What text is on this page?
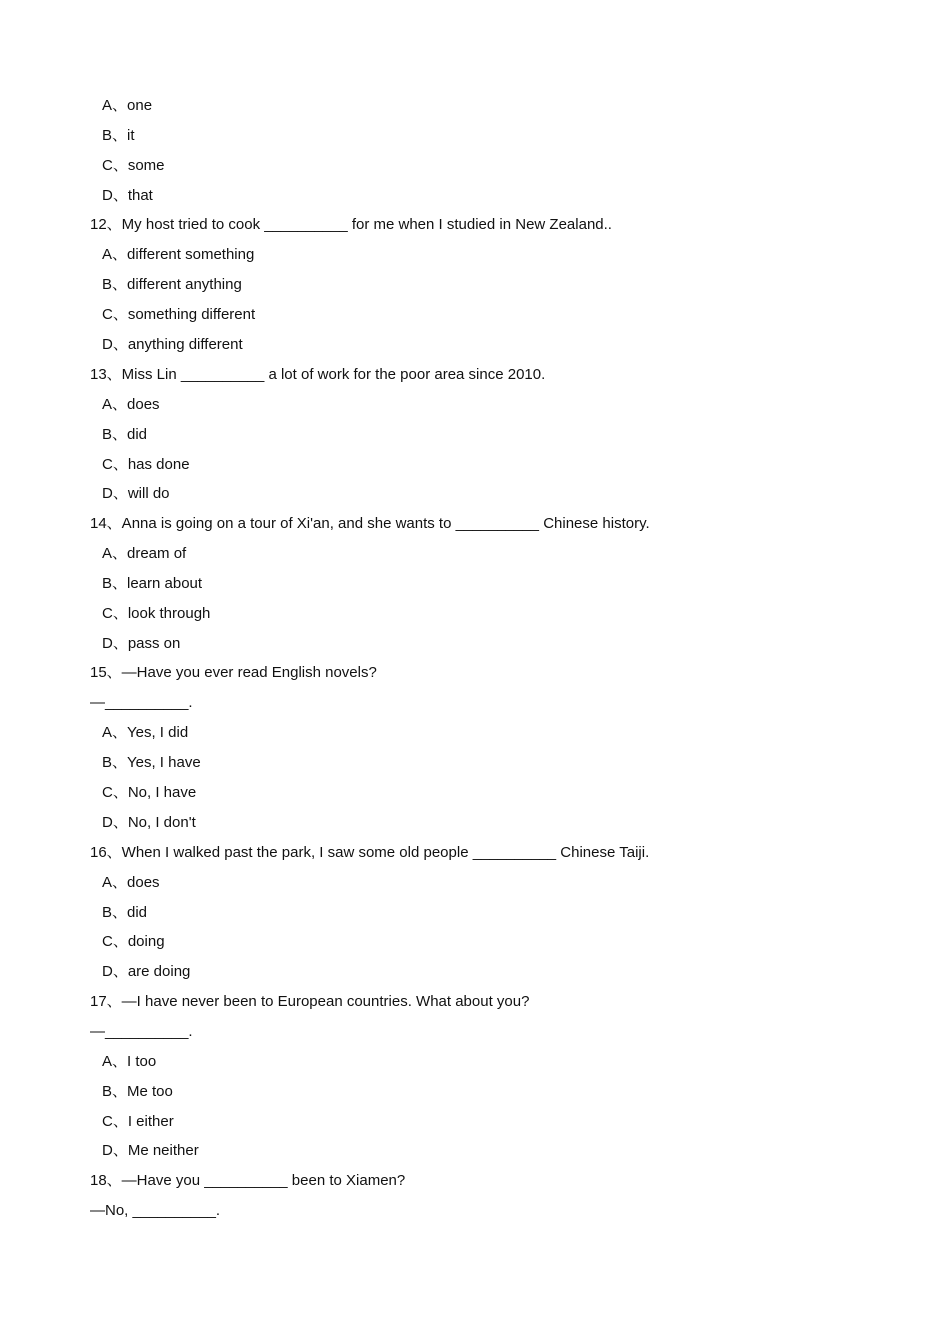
A、one
B、it
C、some
D、that
12、My host tried to cook __________ for me when I studied in New Zealand..
A、different something
B、different anything
C、something different
D、anything different
13、Miss Lin __________ a lot of work for the poor area since 2010.
A、does
B、did
C、has done
D、will do
14、Anna is going on a tour of Xi'an, and she wants to __________ Chinese history.
A、dream of
B、learn about
C、look through
D、pass on
15、—Have you ever read English novels?
—__________.
A、Yes, I did
B、Yes, I have
C、No, I have
D、No, I don't
16、When I walked past the park, I saw some old people __________ Chinese Taiji.
A、does
B、did
C、doing
D、are doing
17、—I have never been to European countries. What about you?
—__________.
A、I too
B、Me too
C、I either
D、Me neither
18、—Have you __________ been to Xiamen?
—No, __________.
